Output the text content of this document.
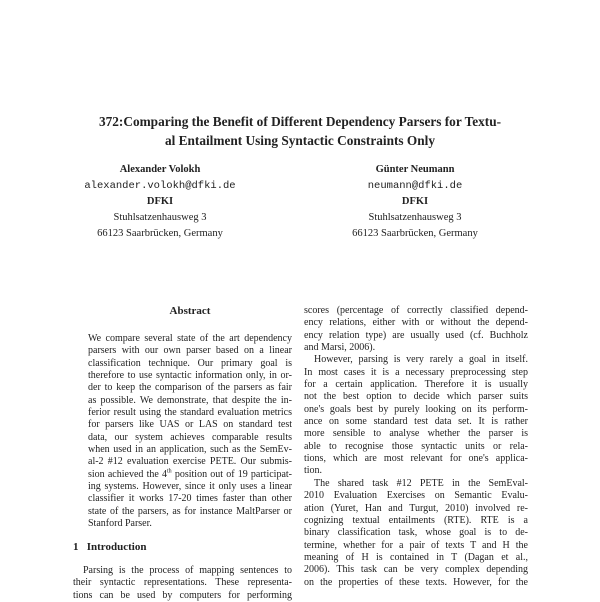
372:Comparing the Benefit of Different Dependency Parsers for Textu-
al Entailment Using Syntactic Constraints Only
Alexander Volokh
alexander.volokh@dfki.de
DFKI
Stuhlsatzenhausweg 3
66123 Saarbrücken, Germany
Günter Neumann
neumann@dfki.de
DFKI
Stuhlsatzenhausweg 3
66123 Saarbrücken, Germany
Abstract
We compare several state of the art dependency
parsers with our own parser based on a linear
classification technique. Our primary goal is
therefore to use syntactic information only, in or-
der to keep the comparison of the parsers as fair
as possible. We demonstrate, that despite the in-
ferior result using the standard evaluation metrics
for parsers like UAS or LAS on standard test
data, our system achieves comparable results
when used in an application, such as the SemEv-
al-2 #12 evaluation exercise PETE. Our submis-
sion achieved the 4th position out of 19 participat-
ing systems. However, since it only uses a linear
classifier it works 17-20 times faster than other
state of the parsers, as for instance MaltParser or
Stanford Parser.
1   Introduction
Parsing is the process of mapping sentences to
their syntactic representations. These representa-
tions can be used by computers for performing
scores (percentage of correctly classified depend-
ency relations, either with or without the depend-
ency relation type) are usually used (cf. Buchholz
and Marsi, 2006).
However, parsing is very rarely a goal in itself.
In most cases it is a necessary preprocessing step
for a certain application. Therefore it is usually
not the best option to decide which parser suits
one's goals best by purely looking on its perform-
ance on some standard test data set. It is rather
more sensible to analyse whether the parser is
able to recognise those syntactic units or rela-
tions, which are most relevant for one's applica-
tion.
The shared task #12 PETE in the SemEval-
2010 Evaluation Exercises on Semantic Evalu-
ation (Yuret, Han and Turgut, 2010) involved re-
cognizing textual entailments (RTE). RTE is a
binary classification task, whose goal is to de-
termine, whether for a pair of texts T and H the
meaning of H is contained in T (Dagan et al.,
2006). This task can be very complex depending
on the properties of these texts. However, for the
